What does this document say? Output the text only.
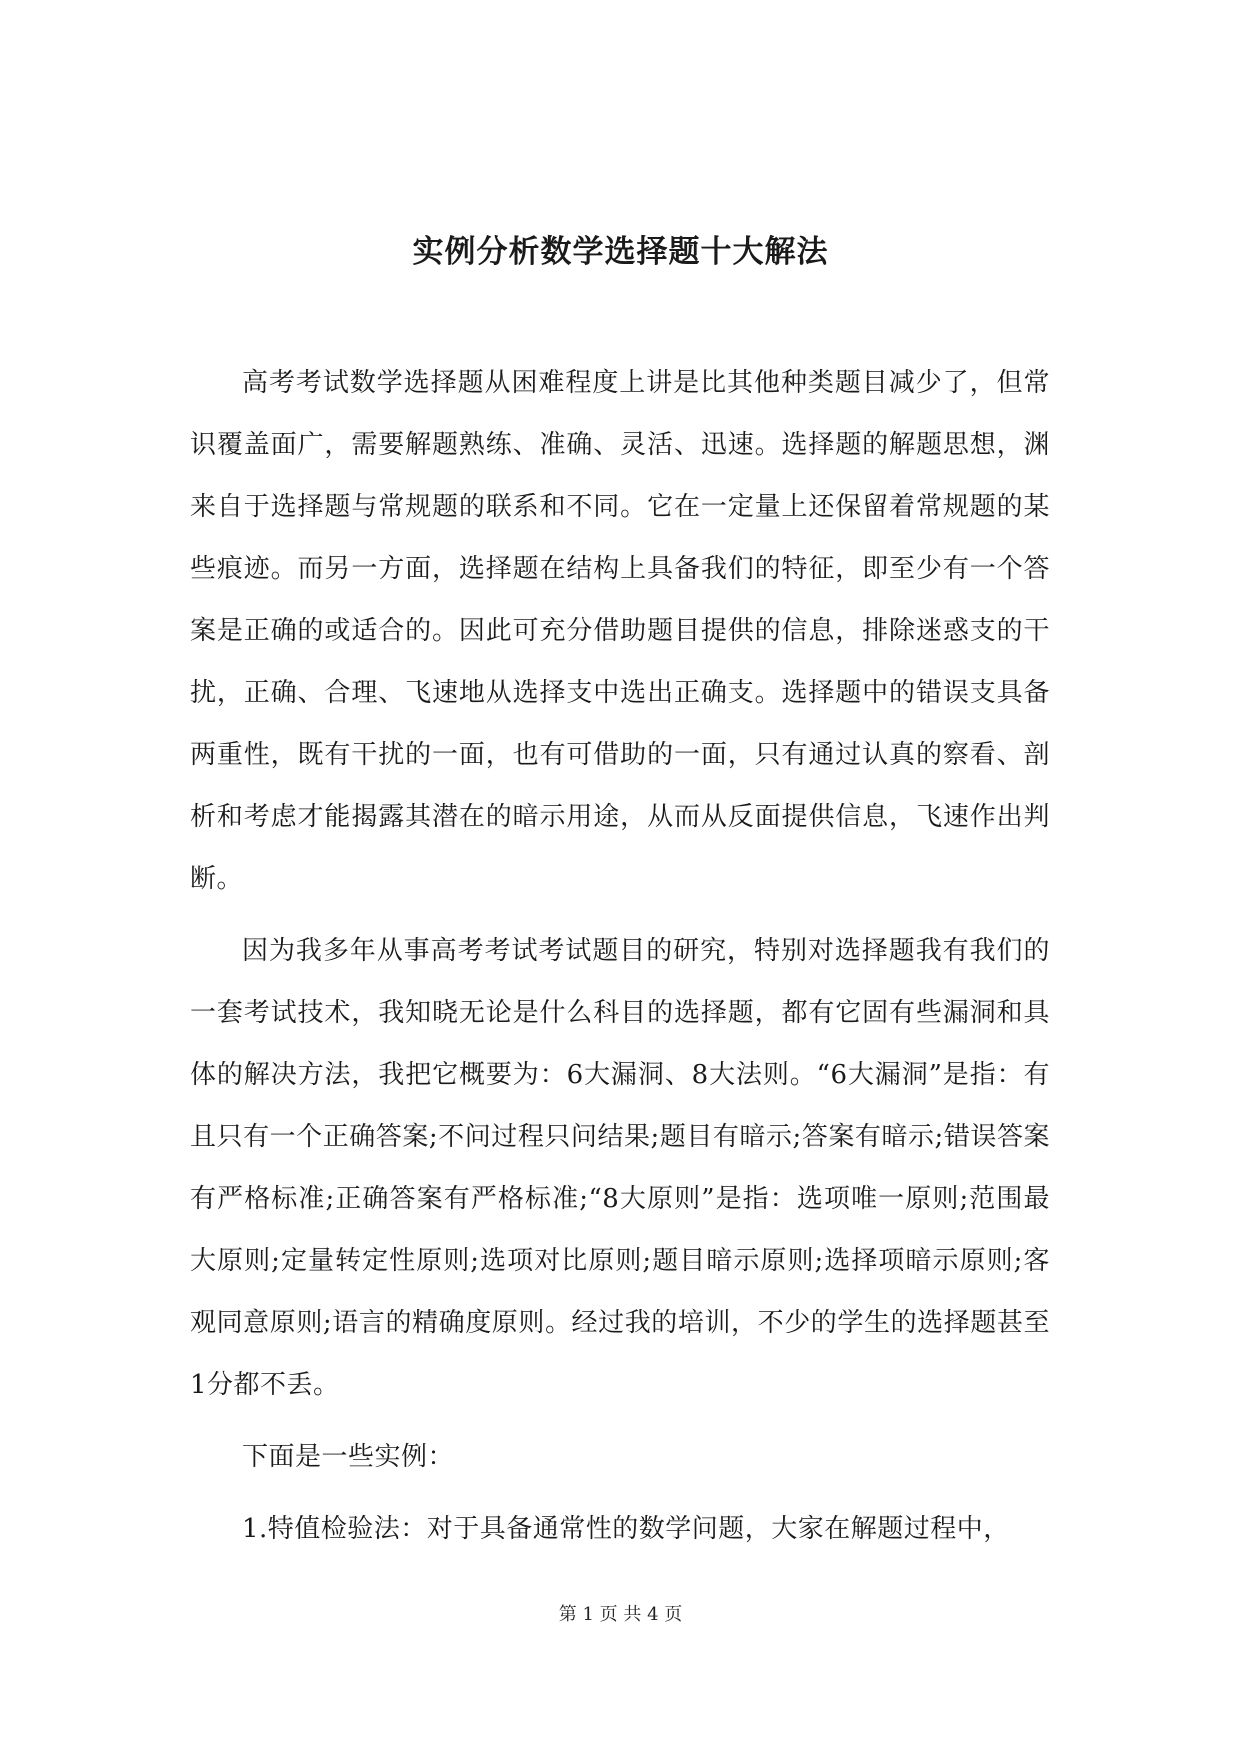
实例分析数学选择题十大解法

高考考试数学选择题从困难程度上讲是比其他种类题目减少了，但常识覆盖面广，需要解题熟练、准确、灵活、迅速。选择题的解题思想，渊来自于选择题与常规题的联系和不同。它在一定量上还保留着常规题的某些痕迹。而另一方面，选择题在结构上具备我们的特征，即至少有一个答案是正确的或适合的。因此可充分借助题目提供的信息，排除迷惑支的干扰，正确、合理、飞速地从选择支中选出正确支。选择题中的错误支具备两重性，既有干扰的一面，也有可借助的一面，只有通过认真的察看、剖析和考虑才能揭露其潜在的暗示用途，从而从反面提供信息，飞速作出判断。

因为我多年从事高考考试考试题目的研究，特别对选择题我有我们的一套考试技术，我知晓无论是什么科目的选择题，都有它固有些漏洞和具体的解决方法，我把它概要为：6大漏洞、8大法则。“6大漏洞”是指：有且只有一个正确答案;不问过程只问结果;题目有暗示;答案有暗示;错误答案有严格标准;正确答案有严格标准;“8大原则”是指：选项唯一原则;范围最大原则;定量转定性原则;选项对比原则;题目暗示原则;选择项暗示原则;客观同意原则;语言的精确度原则。经过我的培训，不少的学生的选择题甚至1分都不丢。

下面是一些实例：

1.特值检验法：对于具备通常性的数学问题，大家在解题过程中，

第 1 页 共 4 页
